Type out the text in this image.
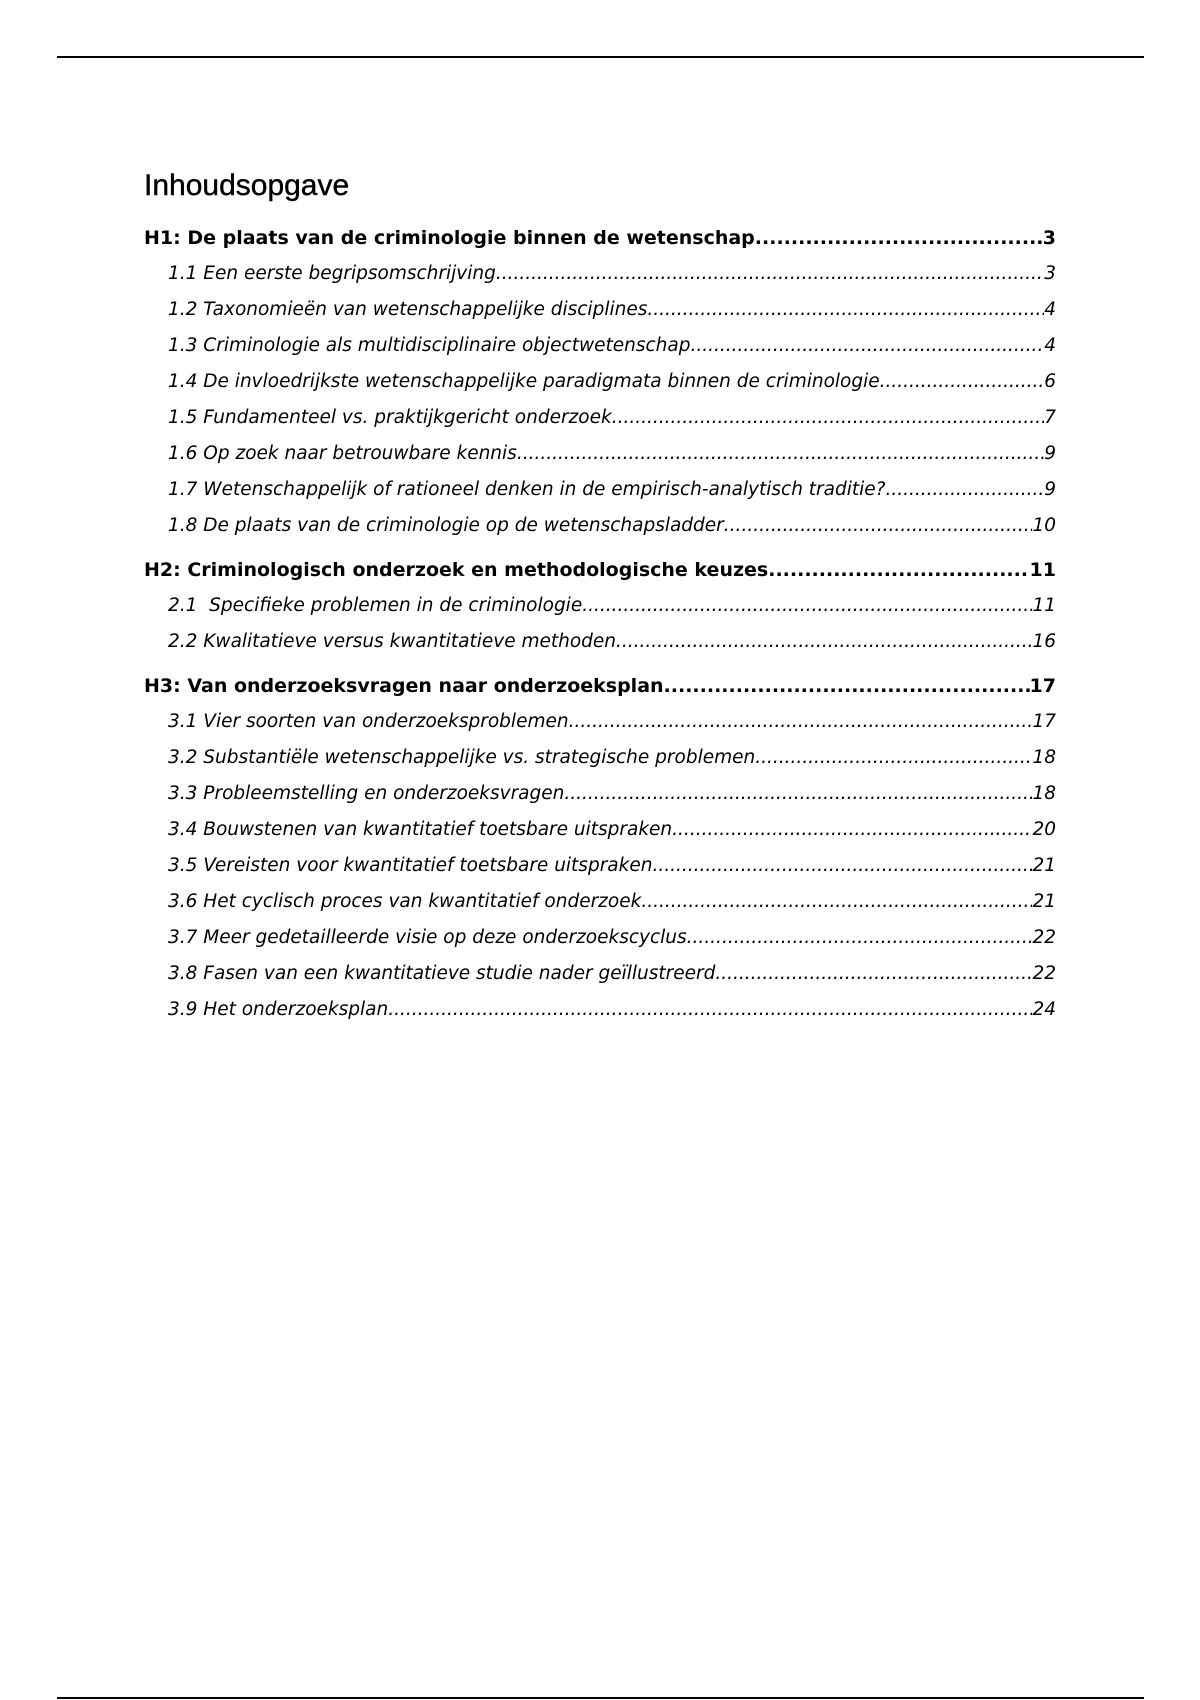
Inhoudsopgave
H1: De plaats van de criminologie binnen de wetenschap .....	3
1.1 Een eerste begripsomschrijving .....	3
1.2 Taxonomieën van wetenschappelijke disciplines .....	4
1.3 Criminologie als multidisciplinaire objectwetenschap .....	4
1.4 De invloedrijkste wetenschappelijke paradigmata binnen de criminologie .....	6
1.5 Fundamenteel vs. praktijkgericht onderzoek .....	7
1.6 Op zoek naar betrouwbare kennis .....	9
1.7 Wetenschappelijk of rationeel denken in de empirisch-analytisch traditie? .....	9
1.8 De plaats van de criminologie op de wetenschapsladder .....	10
H2: Criminologisch onderzoek en methodologische keuzes .....	11
2.1  Specifieke problemen in de criminologie .....	11
2.2 Kwalitatieve versus kwantitatieve methoden .....	16
H3: Van onderzoeksvragen naar onderzoeksplan .....	17
3.1 Vier soorten van onderzoeksproblemen .....	17
3.2 Substantiële wetenschappelijke vs. strategische problemen .....	18
3.3 Probleemstelling en onderzoeksvragen .....	18
3.4 Bouwstenen van kwantitatief toetsbare uitspraken .....	20
3.5 Vereisten voor kwantitatief toetsbare uitspraken .....	21
3.6 Het cyclisch proces van kwantitatief onderzoek .....	21
3.7 Meer gedetailleerde visie op deze onderzoekscyclus .....	22
3.8 Fasen van een kwantitatieve studie nader geïllustreerd .....	22
3.9 Het onderzoeksplan .....	24
